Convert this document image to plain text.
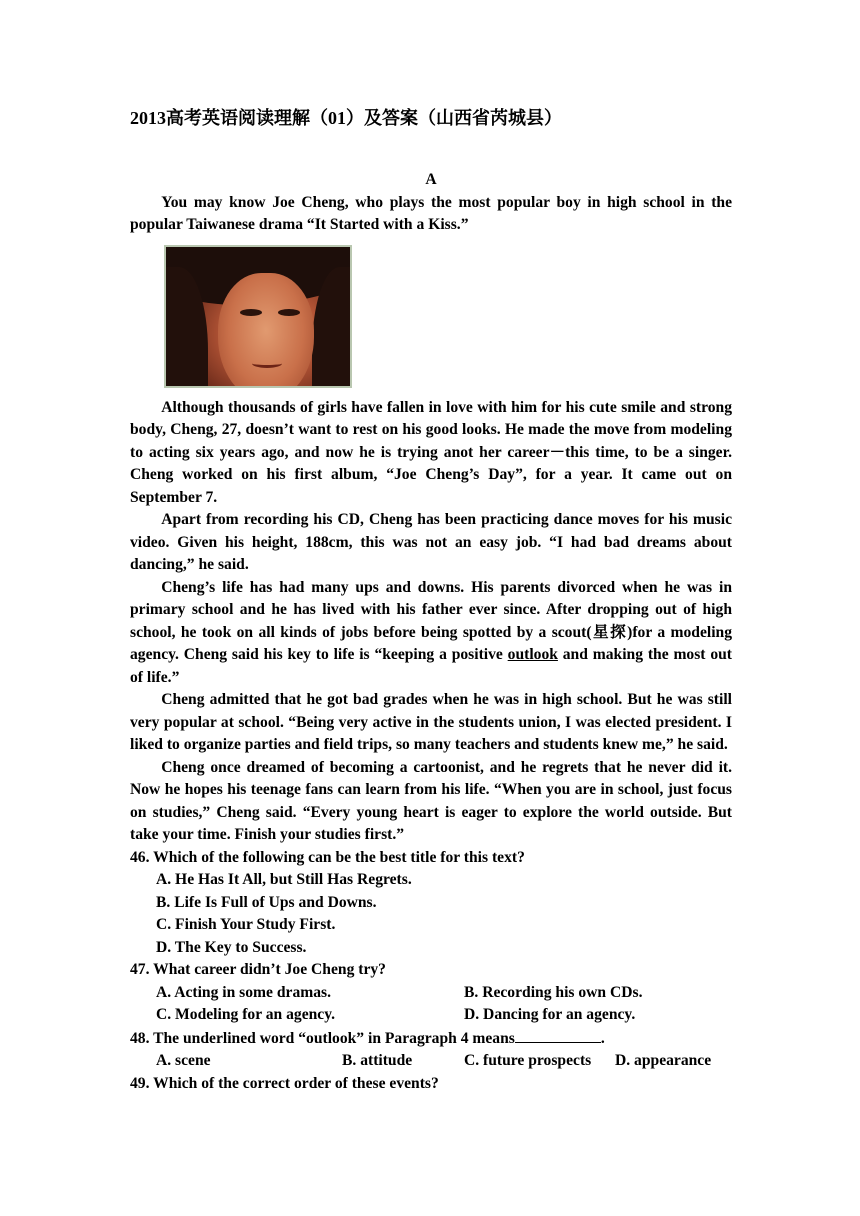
2013高考英语阅读理解（01）及答案（山西省芮城县）
A

You may know Joe Cheng, who plays the most popular boy in high school in the popular Taiwanese drama “It Started with a Kiss.”

Although thousands of girls have fallen in love with him for his cute smile and strong body, Cheng, 27, doesn’t want to rest on his good looks. He made the move from modeling to acting six years ago, and now he is trying anot her career－this time, to be a singer. Cheng worked on his first album, “Joe Cheng’s Day”, for a year. It came out on September 7.

Apart from recording his CD, Cheng has been practicing dance moves for his music video. Given his height, 188cm, this was not an easy job. “I had bad dreams about dancing,” he said.

Cheng’s life has had many ups and downs. His parents divorced when he was in primary school and he has lived with his father ever since. After dropping out of high school, he took on all kinds of jobs before being spotted by a scout(星探)for a modeling agency. Cheng said his key to life is “keeping a positive outlook and making the most out of life.”

Cheng admitted that he got bad grades when he was in high school. But he was still very popular at school. “Being very active in the students union, I was elected president. I liked to organize parties and field trips, so many teachers and students knew me,” he said.

Cheng once dreamed of becoming a cartoonist, and he regrets that he never did it. Now he hopes his teenage fans can learn from his life. “When you are in school, just focus on studies,” Cheng said. “Every young heart is eager to explore the world outside. But take your time. Finish your studies first.”

46. Which of the following can be the best title for this text?

A. He Has It All, but Still Has Regrets.

B. Life Is Full of Ups and Downs.

C. Finish Your Study First.

D. The Key to Success.

47. What career didn’t Joe Cheng try?

A. Acting in some dramas.	B. Recording his own CDs.
C. Modeling for an agency.	D. Dancing for an agency.

48. The underlined word “outlook” in Paragraph 4 means	.

A. scene	B. attitude	C. future prospects	D. appearance

49. Which of the correct order of these events?
